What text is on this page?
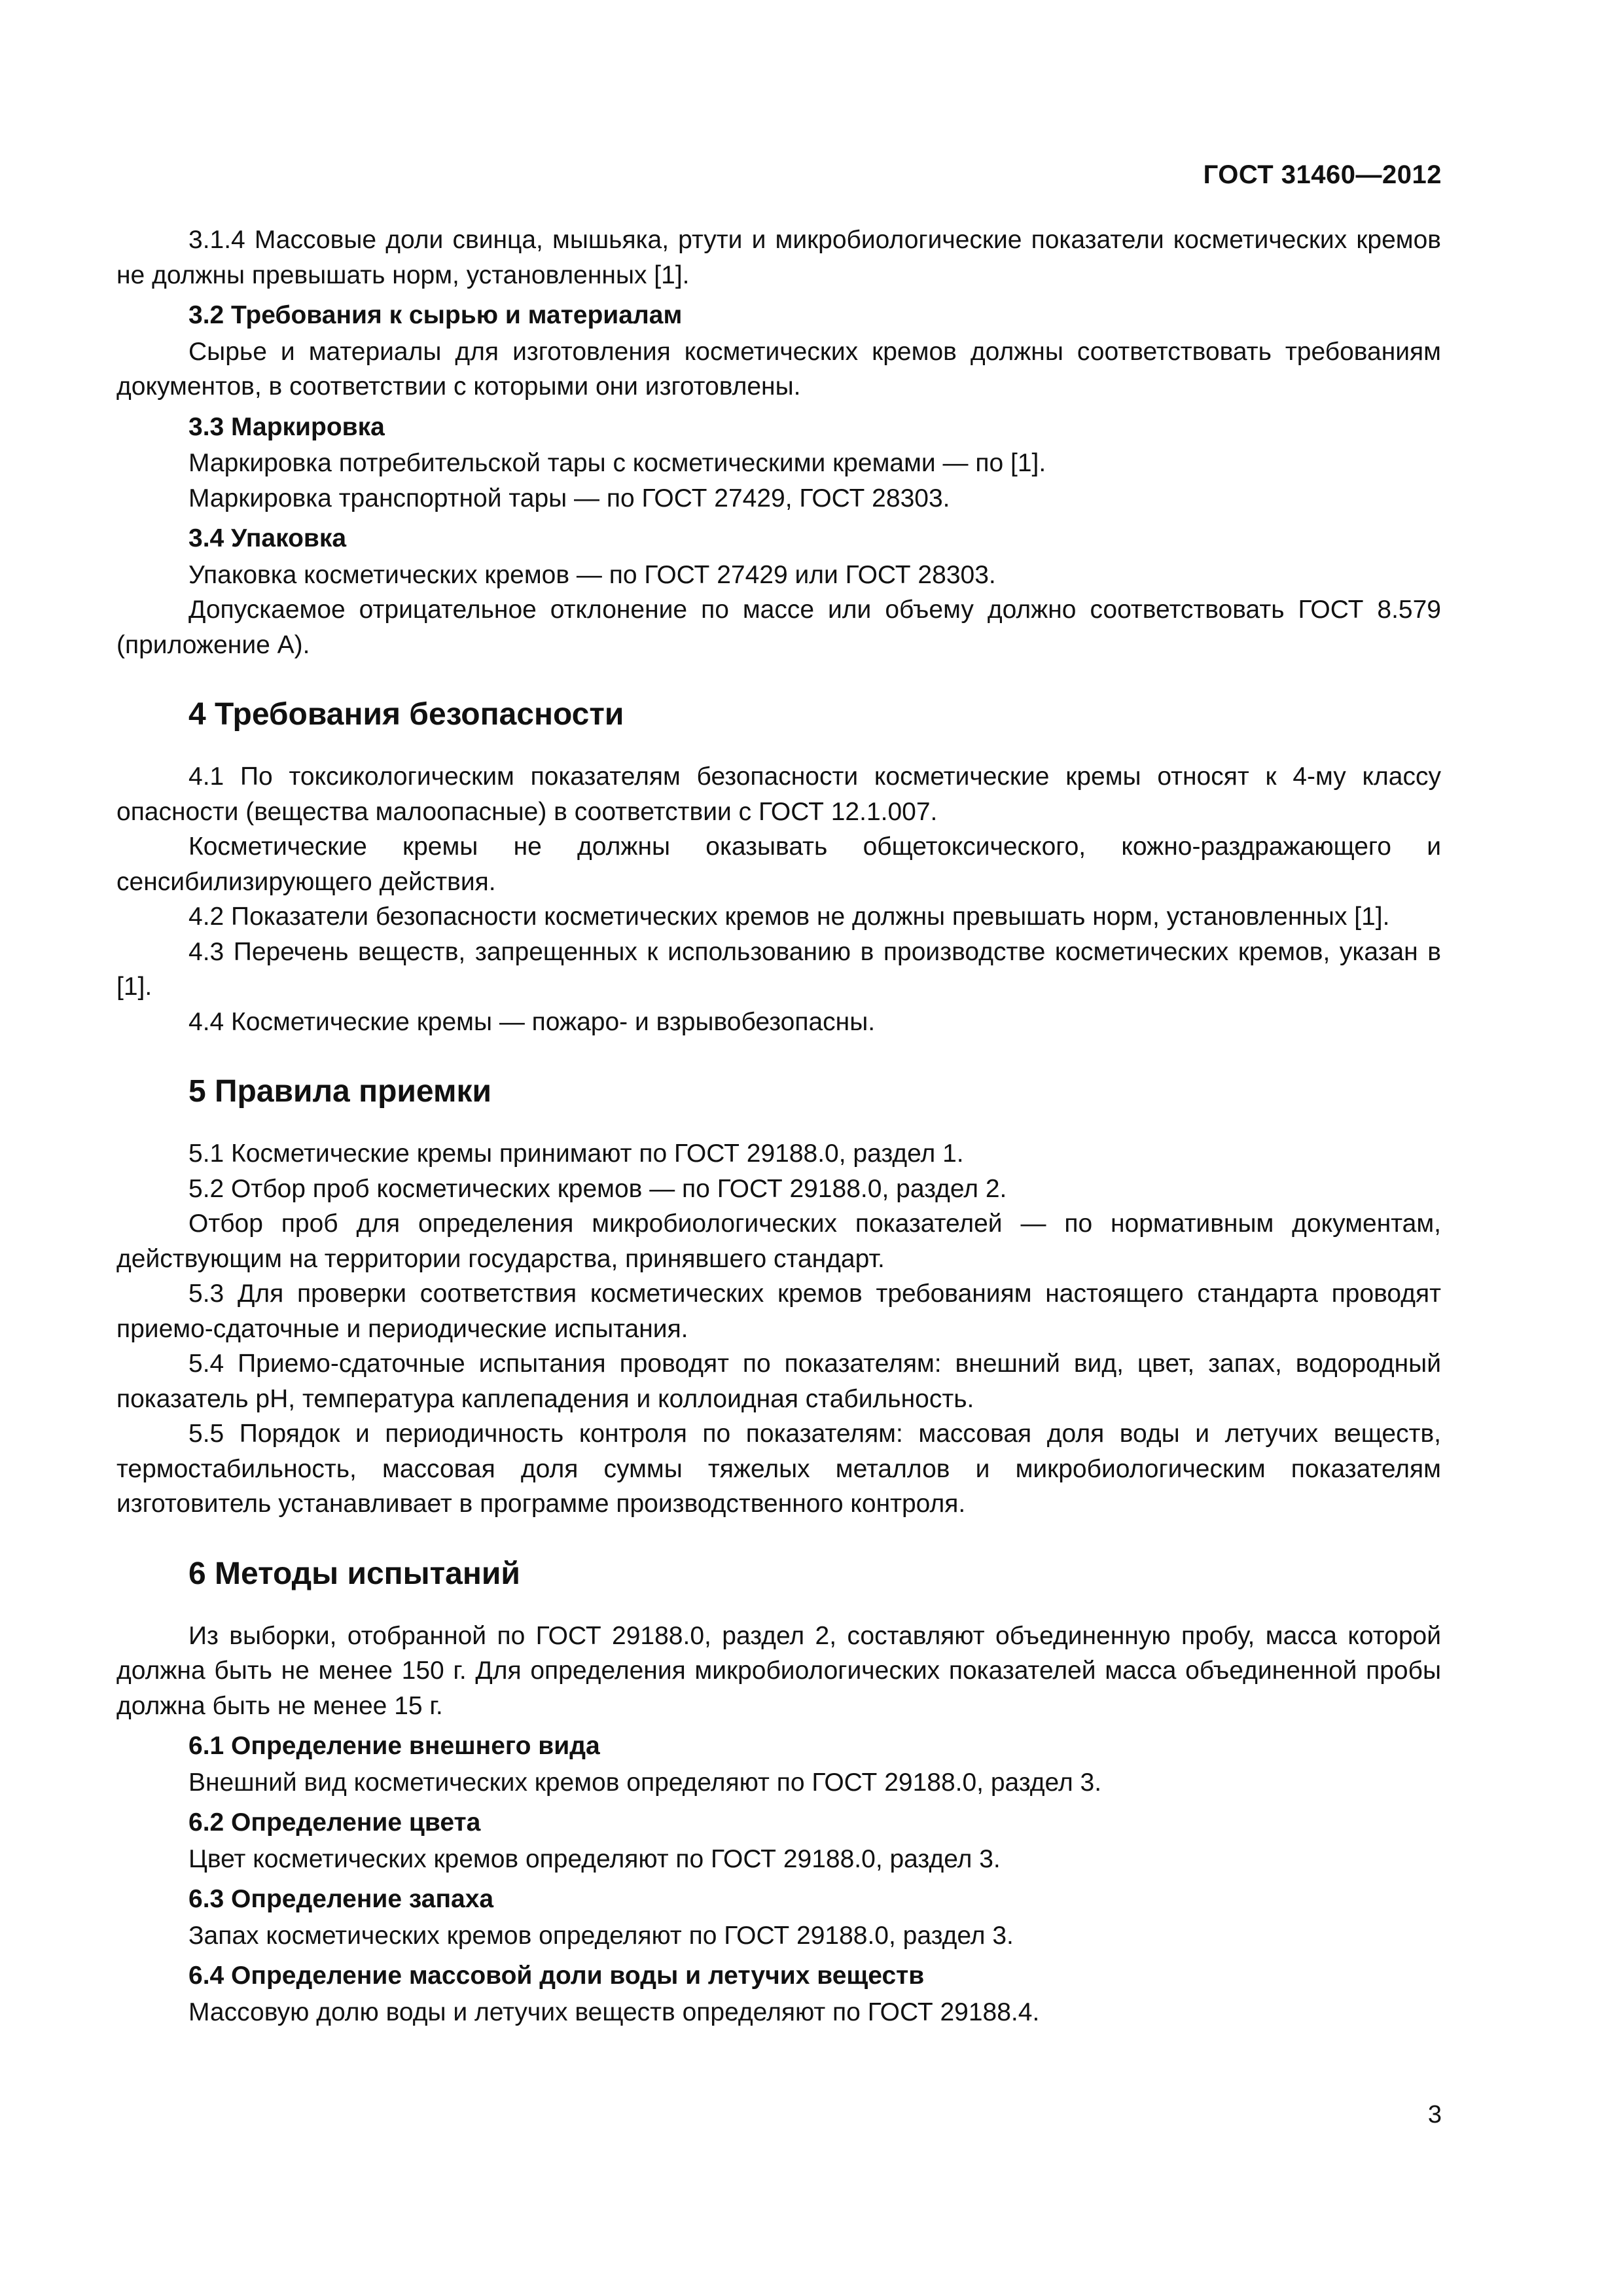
ГОСТ 31460—2012

3.1.4 Массовые доли свинца, мышьяка, ртути и микробиологические показатели косметических кремов не должны превышать норм, установленных [1].

3.2 Требования к сырью и материалам

Сырье и материалы для изготовления косметических кремов должны соответствовать требованиям документов, в соответствии с которыми они изготовлены.

3.3 Маркировка

Маркировка потребительской тары с косметическими кремами — по [1].

Маркировка транспортной тары — по ГОСТ 27429, ГОСТ 28303.

3.4 Упаковка

Упаковка косметических кремов — по ГОСТ 27429 или ГОСТ 28303.

Допускаемое отрицательное отклонение по массе или объему должно соответствовать ГОСТ 8.579 (приложение А).

4 Требования безопасности

4.1 По токсикологическим показателям безопасности косметические кремы относят к 4-му классу опасности (вещества малоопасные) в соответствии с ГОСТ 12.1.007.

Косметические кремы не должны оказывать общетоксического, кожно-раздражающего и сенсибилизирующего действия.

4.2 Показатели безопасности косметических кремов не должны превышать норм, установленных [1].

4.3 Перечень веществ, запрещенных к использованию в производстве косметических кремов, указан в [1].

4.4 Косметические кремы — пожаро- и взрывобезопасны.

5 Правила приемки

5.1 Косметические кремы принимают по ГОСТ 29188.0, раздел 1.

5.2 Отбор проб косметических кремов — по ГОСТ 29188.0, раздел 2.

Отбор проб для определения микробиологических показателей — по нормативным документам, действующим на территории государства, принявшего стандарт.

5.3 Для проверки соответствия косметических кремов требованиям настоящего стандарта проводят приемо-сдаточные и периодические испытания.

5.4 Приемо-сдаточные испытания проводят по показателям: внешний вид, цвет, запах, водородный показатель рН, температура каплепадения и коллоидная стабильность.

5.5 Порядок и периодичность контроля по показателям: массовая доля воды и летучих веществ, термостабильность, массовая доля суммы тяжелых металлов и микробиологическим показателям изготовитель устанавливает в программе производственного контроля.

6 Методы испытаний

Из выборки, отобранной по ГОСТ 29188.0, раздел 2, составляют объединенную пробу, масса которой должна быть не менее 150 г. Для определения микробиологических показателей масса объединенной пробы должна быть не менее 15 г.

6.1 Определение внешнего вида

Внешний вид косметических кремов определяют по ГОСТ 29188.0, раздел 3.

6.2 Определение цвета

Цвет косметических кремов определяют по ГОСТ 29188.0, раздел 3.

6.3 Определение запаха

Запах косметических кремов определяют по ГОСТ 29188.0, раздел 3.

6.4 Определение массовой доли воды и летучих веществ

Массовую долю воды и летучих веществ определяют по ГОСТ 29188.4.

3
